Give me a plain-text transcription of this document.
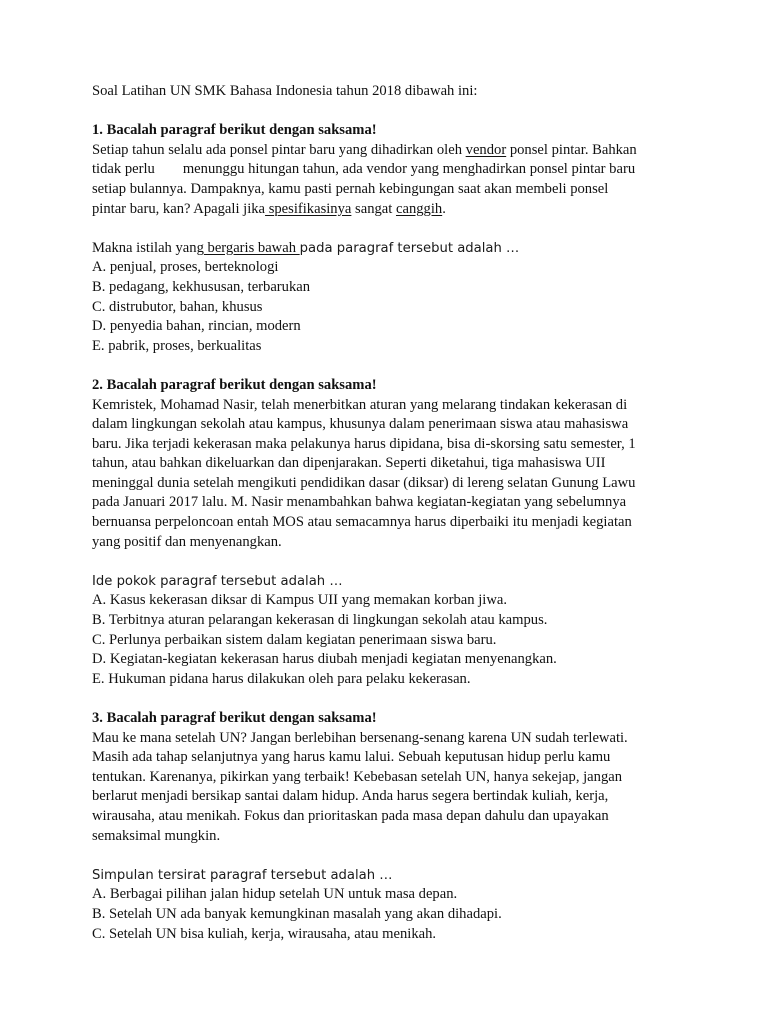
Soal Latihan UN SMK Bahasa Indonesia tahun 2018 dibawah ini:
1. Bacalah paragraf berikut dengan saksama!
Setiap tahun selalu ada ponsel pintar baru yang dihadirkan oleh vendor ponsel pintar. Bahkan
tidak perlu menunggu hitungan tahun, ada vendor yang menghadirkan ponsel pintar baru
setiap bulannya. Dampaknya, kamu pasti pernah kebingungan saat akan membeli ponsel
pintar baru, kan? Apagali jika spesifikasinya sangat canggih.
Makna istilah yang bergaris bawah pada paragraf tersebut adalah …
A. penjual, proses, berteknologi
B. pedagang, kekhususan, terbarukan
C. distrubutor, bahan, khusus
D. penyedia bahan, rincian, modern
E. pabrik, proses, berkualitas
2. Bacalah paragraf berikut dengan saksama!
Kemristek, Mohamad Nasir, telah menerbitkan aturan yang melarang tindakan kekerasan di
dalam lingkungan sekolah atau kampus, khusunya dalam penerimaan siswa atau mahasiswa
baru. Jika terjadi kekerasan maka pelakunya harus dipidana, bisa di-skorsing satu semester, 1
tahun, atau bahkan dikeluarkan dan dipenjarakan. Seperti diketahui, tiga mahasiswa UII
meninggal dunia setelah mengikuti pendidikan dasar (diksar) di lereng selatan Gunung Lawu
pada Januari 2017 lalu. M. Nasir menambahkan bahwa kegiatan-kegiatan yang sebelumnya
bernuansa perpeloncoan entah MOS atau semacamnya harus diperbaiki itu menjadi kegiatan
yang positif dan menyenangkan.
Ide pokok paragraf tersebut adalah …
A. Kasus kekerasan diksar di Kampus UII yang memakan korban jiwa.
B. Terbitnya aturan pelarangan kekerasan di lingkungan sekolah atau kampus.
C. Perlunya perbaikan sistem dalam kegiatan penerimaan siswa baru.
D. Kegiatan-kegiatan kekerasan harus diubah menjadi kegiatan menyenangkan.
E. Hukuman pidana harus dilakukan oleh para pelaku kekerasan.
3. Bacalah paragraf berikut dengan saksama!
Mau ke mana setelah UN? Jangan berlebihan bersenang-senang karena UN sudah terlewati.
Masih ada tahap selanjutnya yang harus kamu lalui. Sebuah keputusan hidup perlu kamu
tentukan. Karenanya, pikirkan yang terbaik! Kebebasan setelah UN, hanya sekejap, jangan
berlarut menjadi bersikap santai dalam hidup. Anda harus segera bertindak kuliah, kerja,
wirausaha, atau menikah. Fokus dan prioritaskan pada masa depan dahulu dan upayakan
semaksimal mungkin.
Simpulan tersirat paragraf tersebut adalah …
A. Berbagai pilihan jalan hidup setelah UN untuk masa depan.
B. Setelah UN ada banyak kemungkinan masalah yang akan dihadapi.
C. Setelah UN bisa kuliah, kerja, wirausaha, atau menikah.
